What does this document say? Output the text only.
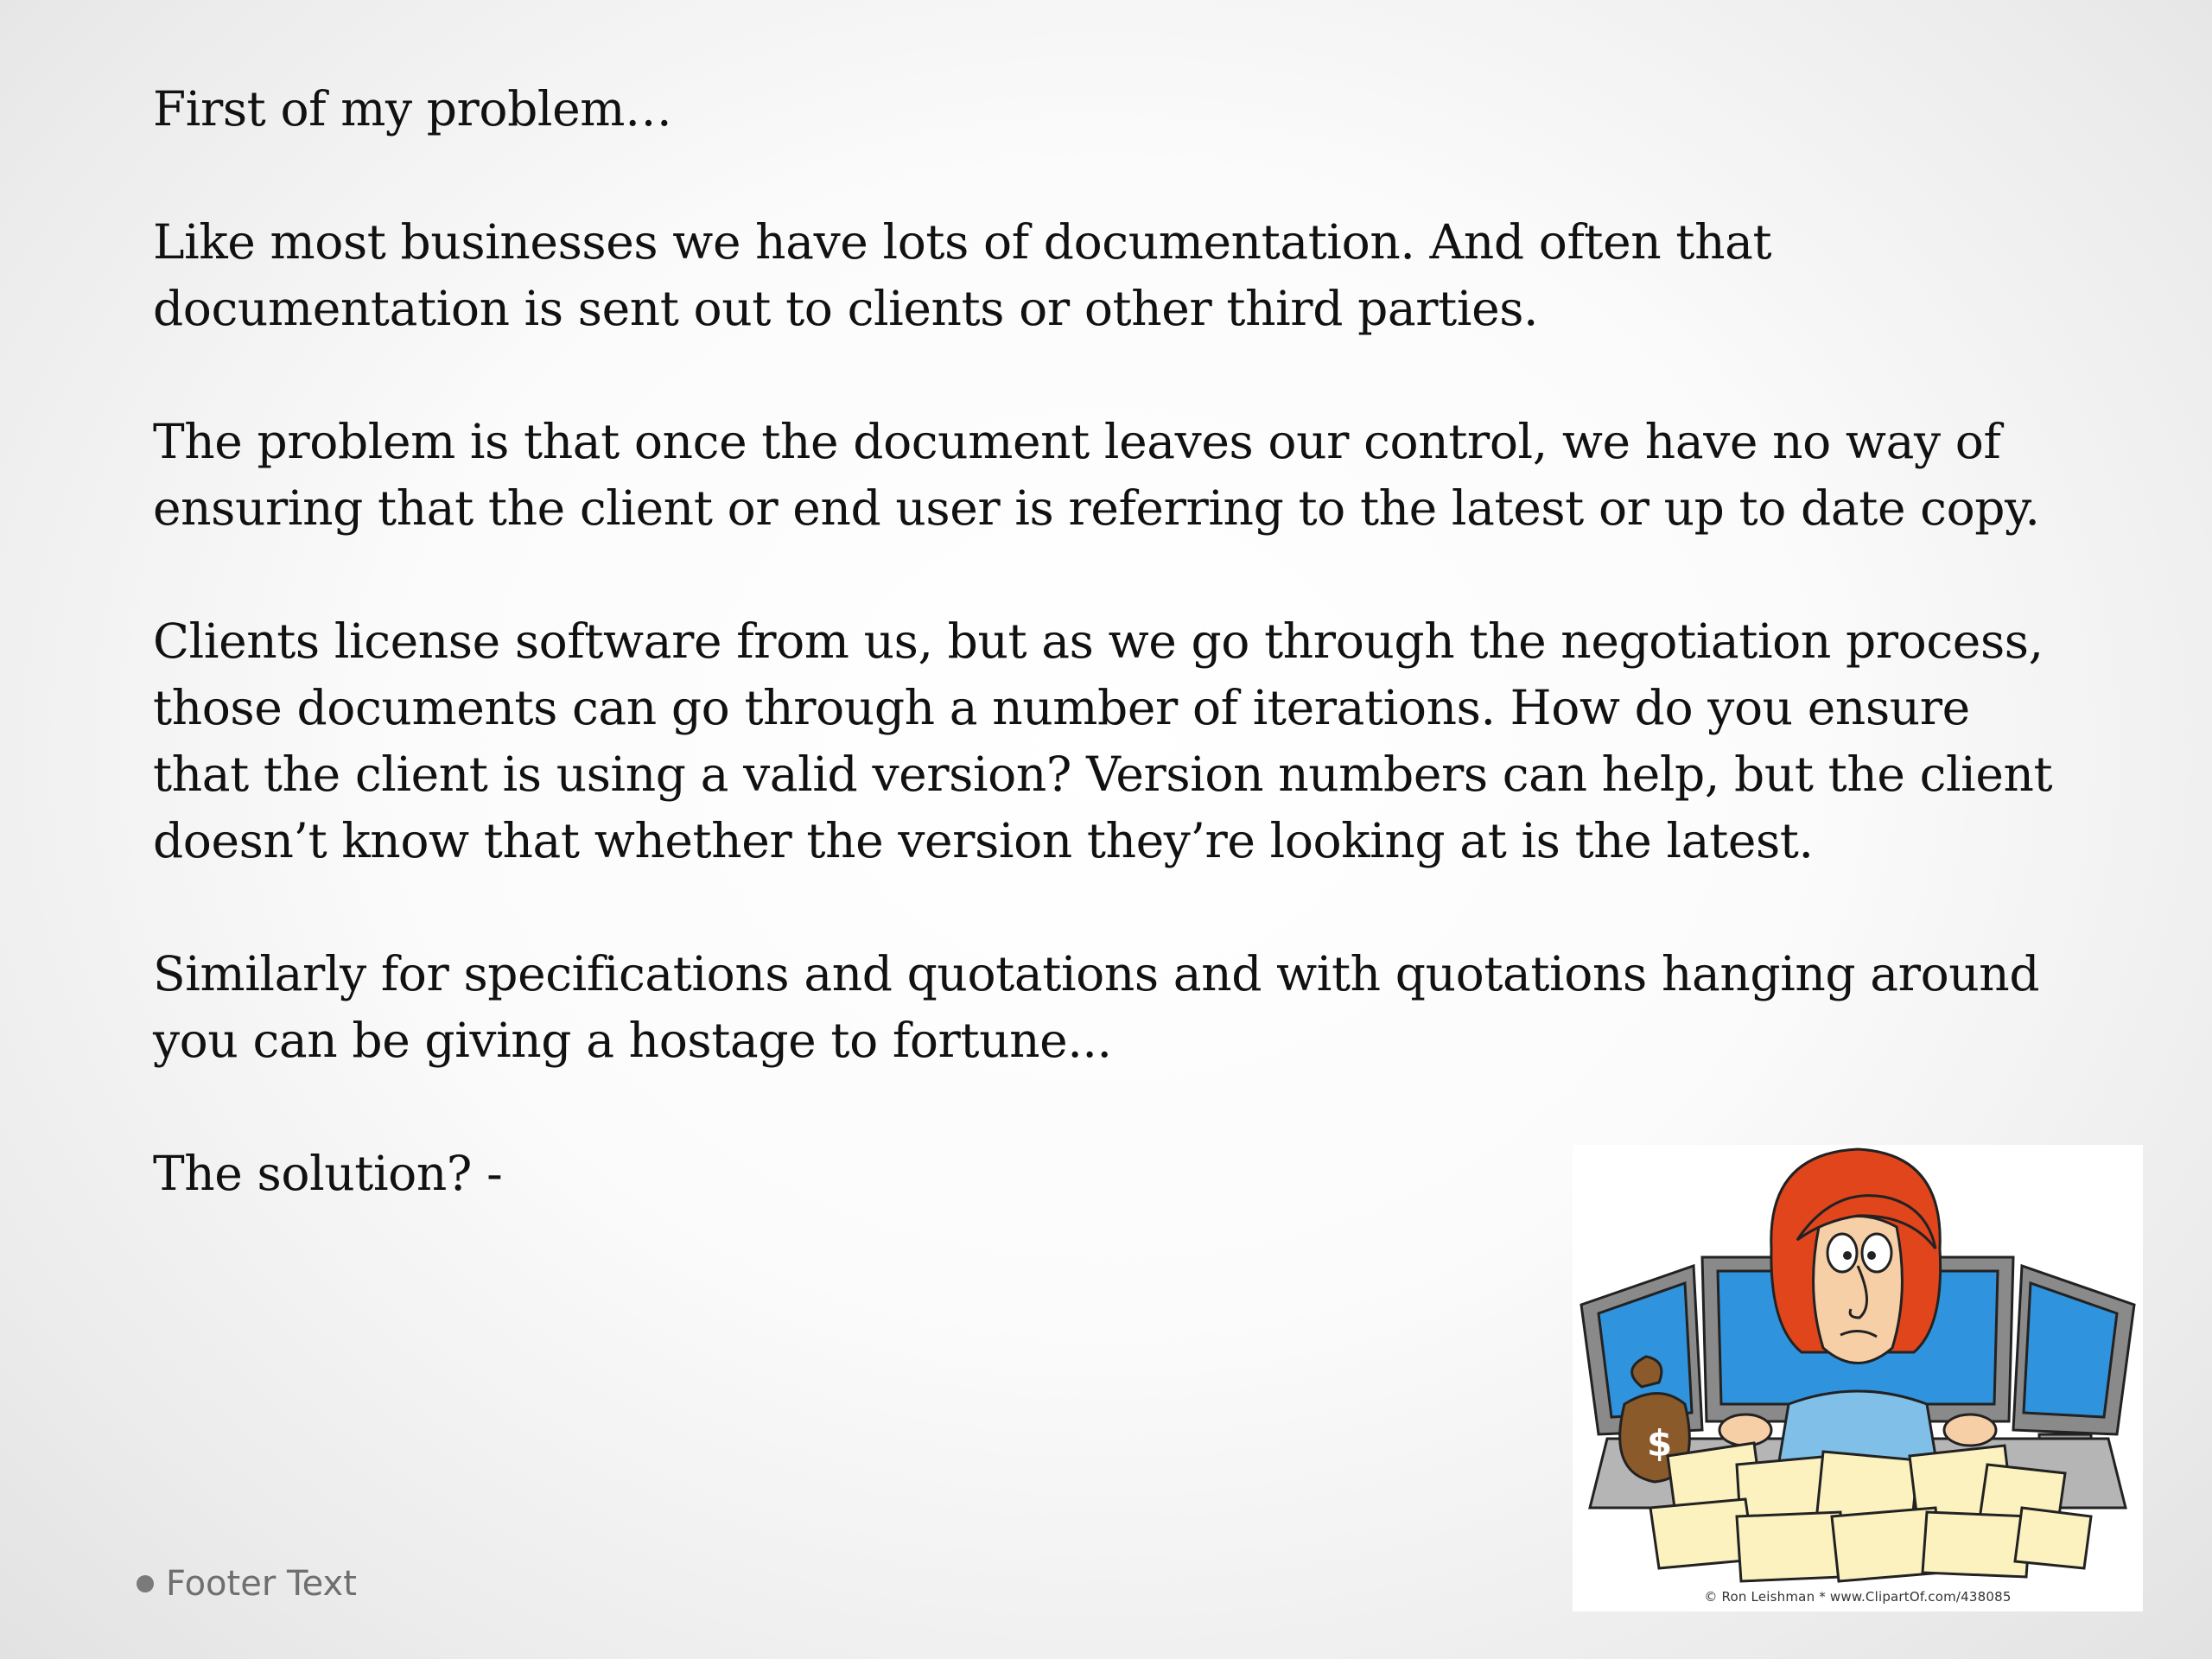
First of my problem…

Like most businesses we have lots of documentation. And often that
documentation is sent out to clients or other third parties.

The problem is that once the document leaves our control, we have no way of
ensuring that the client or end user is referring to the latest or up to date copy.

Clients license software from us, but as we go through the negotiation process,
those documents can go through a number of iterations. How do you ensure
that the client is using a valid version? Version numbers can help, but the client
doesn’t know that whether the version they’re looking at is the latest.

Similarly for specifications and quotations and with quotations hanging around
you can be giving a hostage to fortune...

The solution? -

$
© Ron Leishman * www.ClipartOf.com/438085
Footer Text
